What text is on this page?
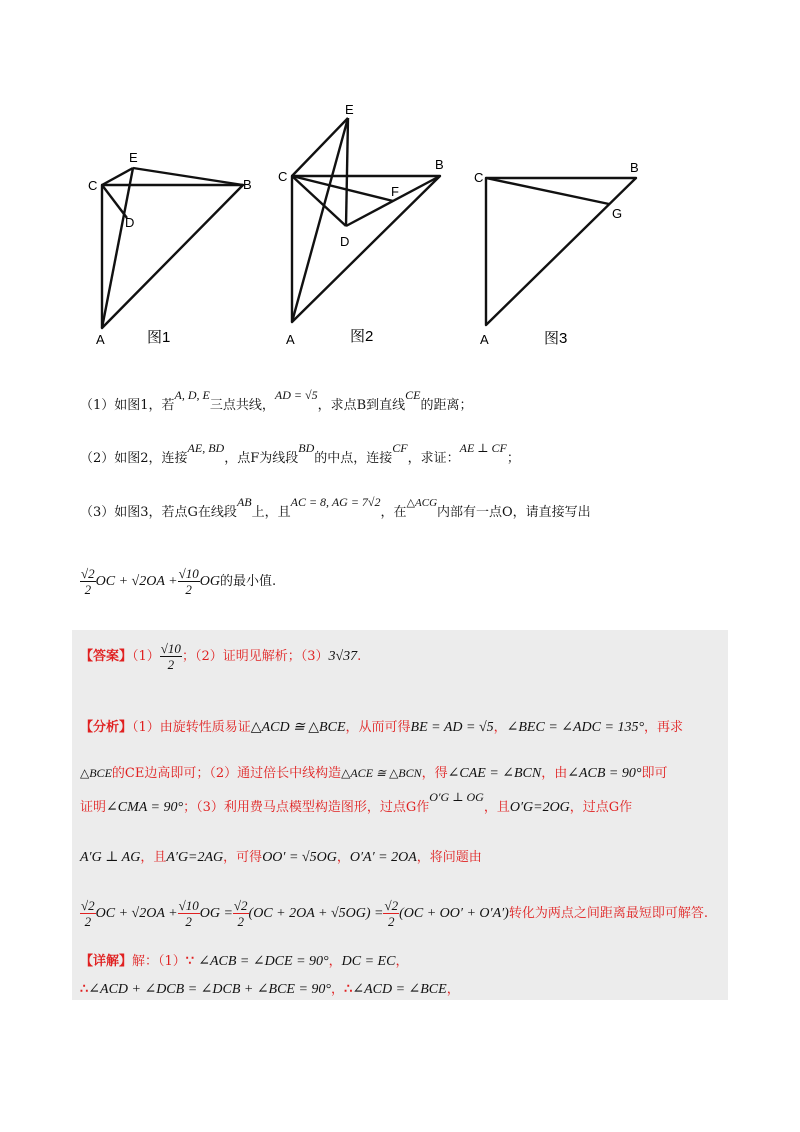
C
E
B
D
A	图1
C
E
B
F
D
A	图2
C
B
G
A	图3
（1）如图1，若A, D, E三点共线，AD = √5，求点B到直线CE的距离；
（2）如图2，连接AE, BD，点F为线段BD的中点，连接CF，求证：AE ⊥ CF；
（3）如图3，若点G在线段AB上，且AC = 8, AG = 7√2，在$^{\triangle ACG}$内部有一点O，请直接写出
$\frac{√2}{2}$ OC + $√2OA + \frac{√10}{2}$ OG的最小值.
【答案】$(1) \frac{√10}{2}$ ；（2）证明见解析；（3）3√37.
【分析】（1）由旋转性质易证△ACD ≅ △BCE，从而可得BE = AD = √5，∠BEC = ∠ADC = 135°，再求
△BCE的CE边高即可；（2）通过倍长中线构造△ACE ≅ △BCN，得∠CAE = ∠BCN，由∠ACB = 90°即可
证明∠CMA = 90°；（3）利用费马点模型构造图形，过点G作O′G ⊥ OG，且O′G=2OG，过点G作
A′G ⊥ AG，且A′G=2AG，可得OO′ = √5OG，O′A′ = 2OA，将问题由
$\frac{√2}{2}$ OC + $√2OA + \frac{√10}{2}$ OG = $\frac{√2}{2} (OC + 2OA + √5OG) = \frac{√2}{2} (OC + OO' + O'A')$转化为两点之间距离最短即可解答.
【详解】解：（1）∵ ∠ACB = ∠DCE = 90°，DC = EC，
∴∠ACD + ∠DCB = ∠DCB + ∠BCE = 90°，∴∠ACD = ∠BCE，
